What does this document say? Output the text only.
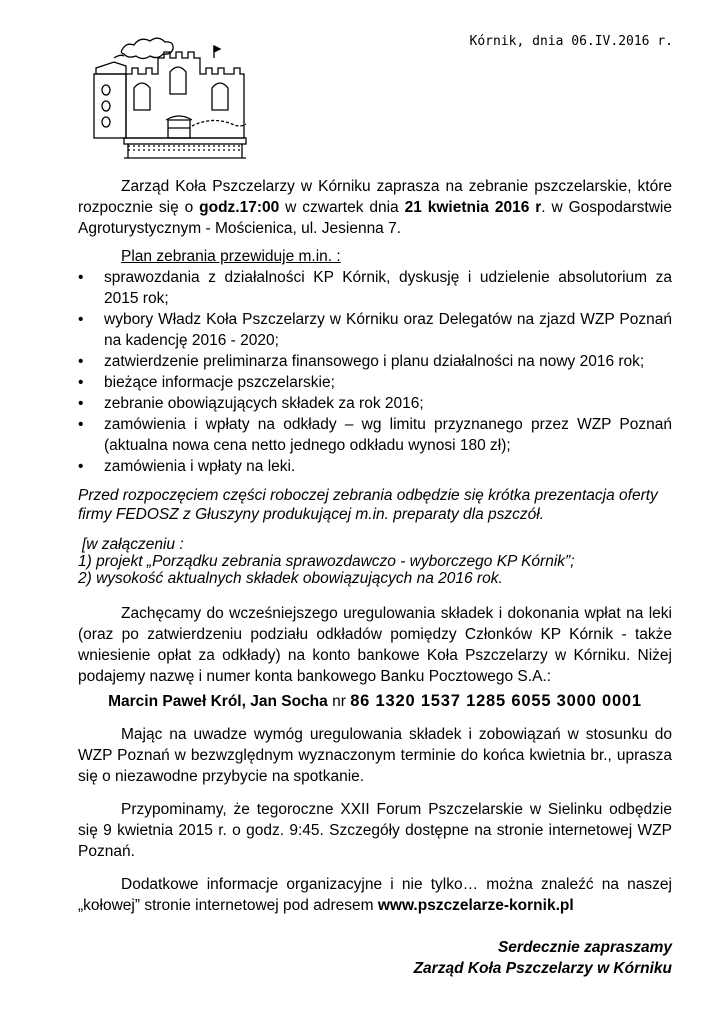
Kórnik, dnia 06.IV.2016 r.

Zarząd Koła Pszczelarzy w Kórniku zaprasza na zebranie pszczelarskie, które rozpocznie się o godz.17:00 w czwartek dnia 21 kwietnia 2016 r. w Gospodarstwie Agroturystycznym - Mościenica, ul. Jesienna 7.

Plan zebrania przewiduje m.in. :

• sprawozdania z działalności KP Kórnik, dyskusję i udzielenie absolutorium za 2015 rok;
• wybory Władz Koła Pszczelarzy w Kórniku oraz Delegatów na zjazd WZP Poznań na kadencję 2016 - 2020;
• zatwierdzenie preliminarza finansowego i planu działalności na nowy 2016 rok;
• bieżące informacje pszczelarskie;
• zebranie obowiązujących składek za rok 2016;
• zamówienia i wpłaty na odkłady – wg limitu przyznanego przez WZP Poznań (aktualna nowa cena netto jednego odkładu wynosi 180 zł);
• zamówienia i wpłaty na leki.

Przed rozpoczęciem części roboczej zebrania odbędzie się krótka prezentacja oferty firmy FEDOSZ z Głuszyny produkującej m.in. preparaty dla pszczół.

[w załączeniu :
1) projekt „Porządku zebrania sprawozdawczo - wyborczego KP Kórnik”;
2) wysokość aktualnych składek obowiązujących na 2016 rok.

Zachęcamy do wcześniejszego uregulowania składek i dokonania wpłat na leki (oraz po zatwierdzeniu podziału odkładów pomiędzy Członków KP Kórnik - także wniesienie opłat za odkłady) na konto bankowe Koła Pszczelarzy w Kórniku. Niżej podajemy nazwę i numer konta bankowego Banku Pocztowego S.A.:

Marcin Paweł Król, Jan Socha nr 86 1320 1537 1285 6055 3000 0001

Mając na uwadze wymóg uregulowania składek i zobowiązań w stosunku do WZP Poznań w bezwzględnym wyznaczonym terminie do końca kwietnia br., uprasza się o niezawodne przybycie na spotkanie.

Przypominamy, że tegoroczne XXII Forum Pszczelarskie w Sielinku odbędzie się 9 kwietnia 2015 r. o godz. 9:45. Szczegóły dostępne na stronie internetowej WZP Poznań.

Dodatkowe informacje organizacyjne i nie tylko… można znaleźć na naszej „kołowej” stronie internetowej pod adresem www.pszczelarze-kornik.pl

Serdecznie zapraszamy
Zarząd Koła Pszczelarzy w Kórniku
